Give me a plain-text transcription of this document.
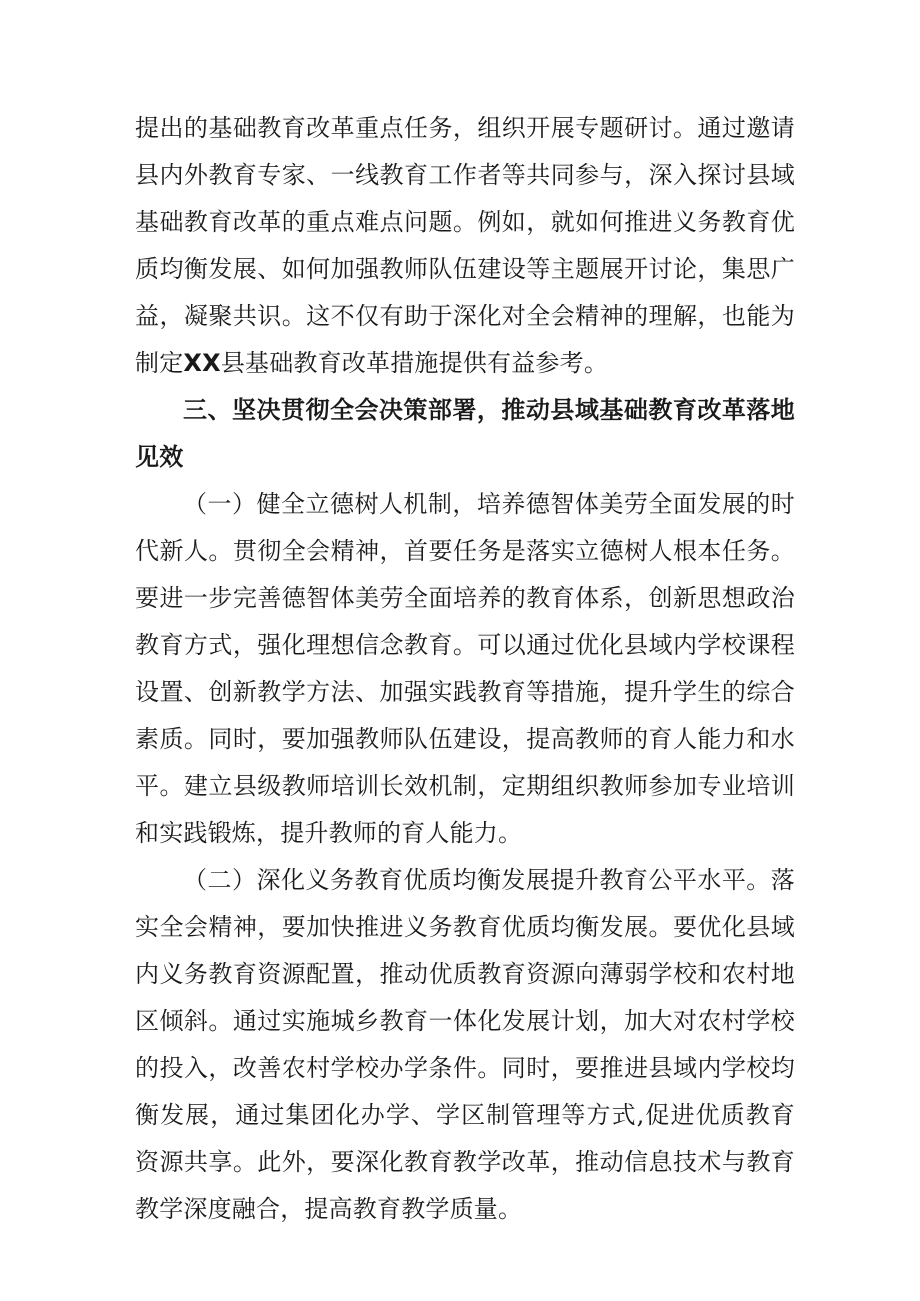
提出的基础教育改革重点任务，组织开展专题研讨。通过邀请县内外教育专家、一线教育工作者等共同参与，深入探讨县域基础教育改革的重点难点问题。例如，就如何推进义务教育优质均衡发展、如何加强教师队伍建设等主题展开讨论，集思广益，凝聚共识。这不仅有助于深化对全会精神的理解，也能为制定XX县基础教育改革措施提供有益参考。

三、坚决贯彻全会决策部署，推动县域基础教育改革落地见效

（一）健全立德树人机制，培养德智体美劳全面发展的时代新人。贯彻全会精神，首要任务是落实立德树人根本任务。要进一步完善德智体美劳全面培养的教育体系，创新思想政治教育方式，强化理想信念教育。可以通过优化县域内学校课程设置、创新教学方法、加强实践教育等措施，提升学生的综合素质。同时，要加强教师队伍建设，提高教师的育人能力和水平。建立县级教师培训长效机制，定期组织教师参加专业培训和实践锻炼，提升教师的育人能力。

（二）深化义务教育优质均衡发展提升教育公平水平。落实全会精神，要加快推进义务教育优质均衡发展。要优化县域内义务教育资源配置，推动优质教育资源向薄弱学校和农村地区倾斜。通过实施城乡教育一体化发展计划，加大对农村学校的投入，改善农村学校办学条件。同时，要推进县域内学校均衡发展，通过集团化办学、学区制管理等方式,促进优质教育资源共享。此外，要深化教育教学改革，推动信息技术与教育教学深度融合，提高教育教学质量。
